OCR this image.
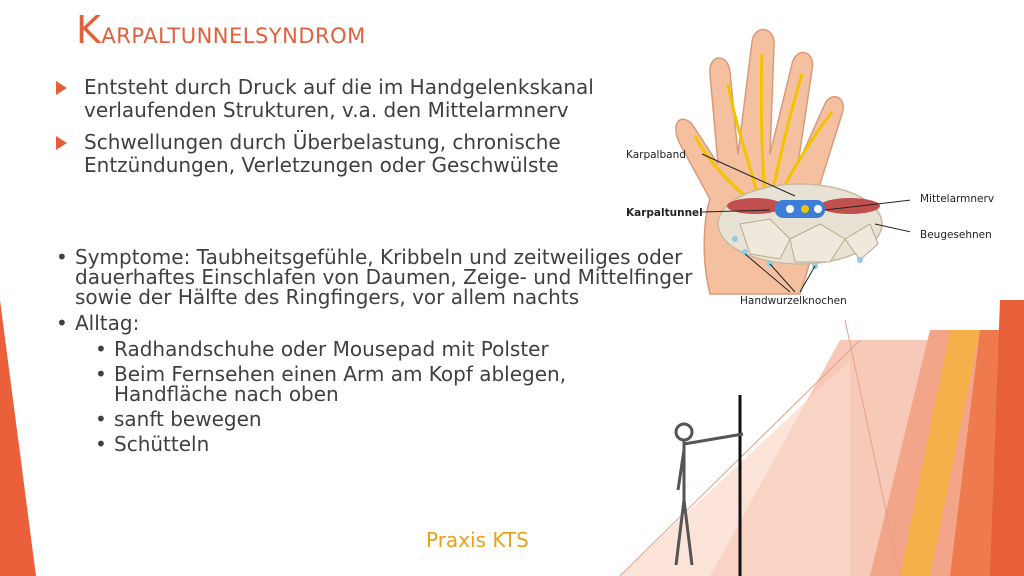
Karpalband
Karpaltunnel
Mittelarmnerv
Beugesehnen
Handwurzelknochen
Karpaltunnelsyndrom
Entsteht durch Druck auf die im Handgelenkskanal verlaufenden Strukturen, v.a. den Mittelarmnerv
Schwellungen durch Überbelastung, chronische Entzündungen, Verletzungen oder Geschwülste
• Symptome: Taubheitsgefühle, Kribbeln und zeitweiliges oder dauerhaftes Einschlafen von Daumen, Zeige- und Mittelfinger sowie der Hälfte des Ringfingers, vor allem nachts
• Alltag:
• Radhandschuhe oder Mousepad mit Polster
• Beim Fernsehen einen Arm am Kopf ablegen, Handfläche nach oben
• sanft bewegen
• Schütteln
Praxis KTS
